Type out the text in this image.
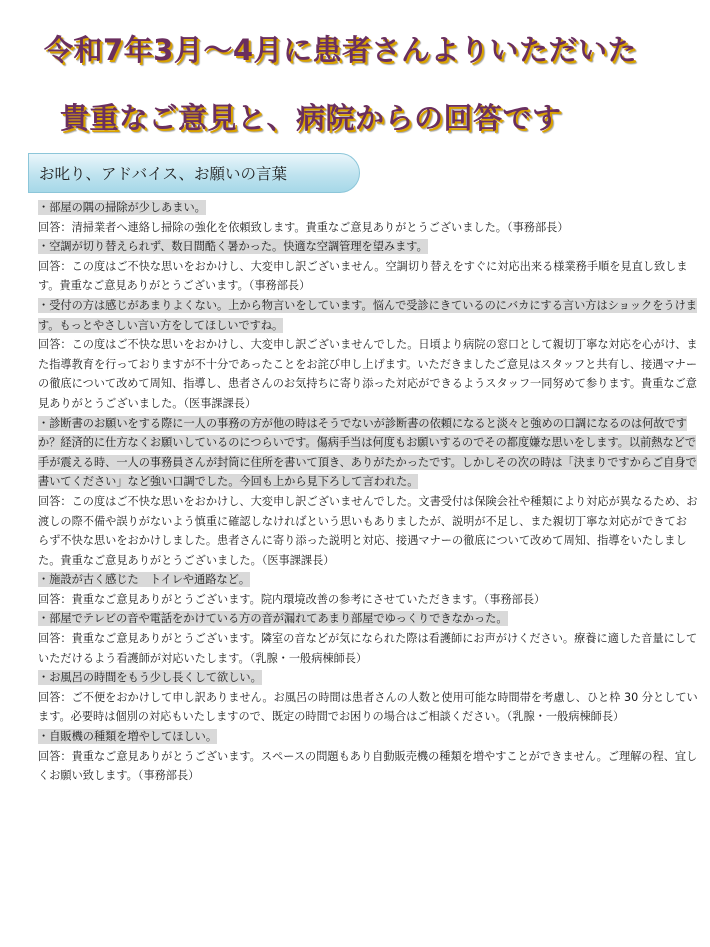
令和7年3月～4月に患者さんよりいただいた
貴重なご意見と、病院からの回答です
お叱り、アドバイス、お願いの言葉

・部屋の隅の掃除が少しあまい。

回答：清掃業者へ連絡し掃除の強化を依頼致します。貴重なご意見ありがとうございました。（事務部長）

・空調が切り替えられず、数日間酷く暑かった。快適な空調管理を望みます。

回答：この度はご不快な思いをおかけし、大変申し訳ございません。空調切り替えをすぐに対応出来る様業務手順を見直し致します。貴重なご意見ありがとうございます。（事務部長）

・受付の方は感じがあまりよくない。上から物言いをしています。悩んで受診にきているのにバカにする言い方はショックをうけます。もっとやさしい言い方をしてほしいですね。

回答：この度はご不快な思いをおかけし、大変申し訳ございませんでした。日頃より病院の窓口として親切丁寧な対応を心がけ、また指導教育を行っておりますが不十分であったことをお詫び申し上げます。いただきましたご意見はスタッフと共有し、接遇マナーの徹底について改めて周知、指導し、患者さんのお気持ちに寄り添った対応ができるようスタッフ一同努めて参ります。貴重なご意見ありがとうございました。（医事課課長）

・診断書のお願いをする際に一人の事務の方が他の時はそうでないが診断書の依頼になると淡々と強めの口調になるのは何故ですか？経済的に仕方なくお願いしているのにつらいです。傷病手当は何度もお願いするのでその都度嫌な思いをします。以前熱などで手が震える時、一人の事務員さんが封筒に住所を書いて頂き、ありがたかったです。しかしその次の時は「決まりですからご自身で書いてください」など強い口調でした。今回も上から見下ろして言われた。

回答：この度はご不快な思いをおかけし、大変申し訳ございませんでした。文書受付は保険会社や種類により対応が異なるため、お渡しの際不備や誤りがないよう慎重に確認しなければという思いもありましたが、説明が不足し、また親切丁寧な対応ができておらず不快な思いをおかけしました。患者さんに寄り添った説明と対応、接遇マナーの徹底について改めて周知、指導をいたしました。貴重なご意見ありがとうございました。（医事課課長）

・施設が古く感じた　トイレや通路など。

回答：貴重なご意見ありがとうございます。院内環境改善の参考にさせていただきます。（事務部長）

・部屋でテレビの音や電話をかけている方の音が漏れてあまり部屋でゆっくりできなかった。

回答：貴重なご意見ありがとうございます。隣室の音などが気になられた際は看護師にお声がけください。療養に適した音量にしていただけるよう看護師が対応いたします。（乳腺・一般病棟師長）

・お風呂の時間をもう少し長くして欲しい。

回答：ご不便をおかけして申し訳ありません。お風呂の時間は患者さんの人数と使用可能な時間帯を考慮し、ひと枠 30 分としています。必要時は個別の対応もいたしますので、既定の時間でお困りの場合はご相談ください。（乳腺・一般病棟師長）

・自販機の種類を増やしてほしい。

回答：貴重なご意見ありがとうございます。スペースの問題もあり自動販売機の種類を増やすことができません。ご理解の程、宜しくお願い致します。（事務部長）
